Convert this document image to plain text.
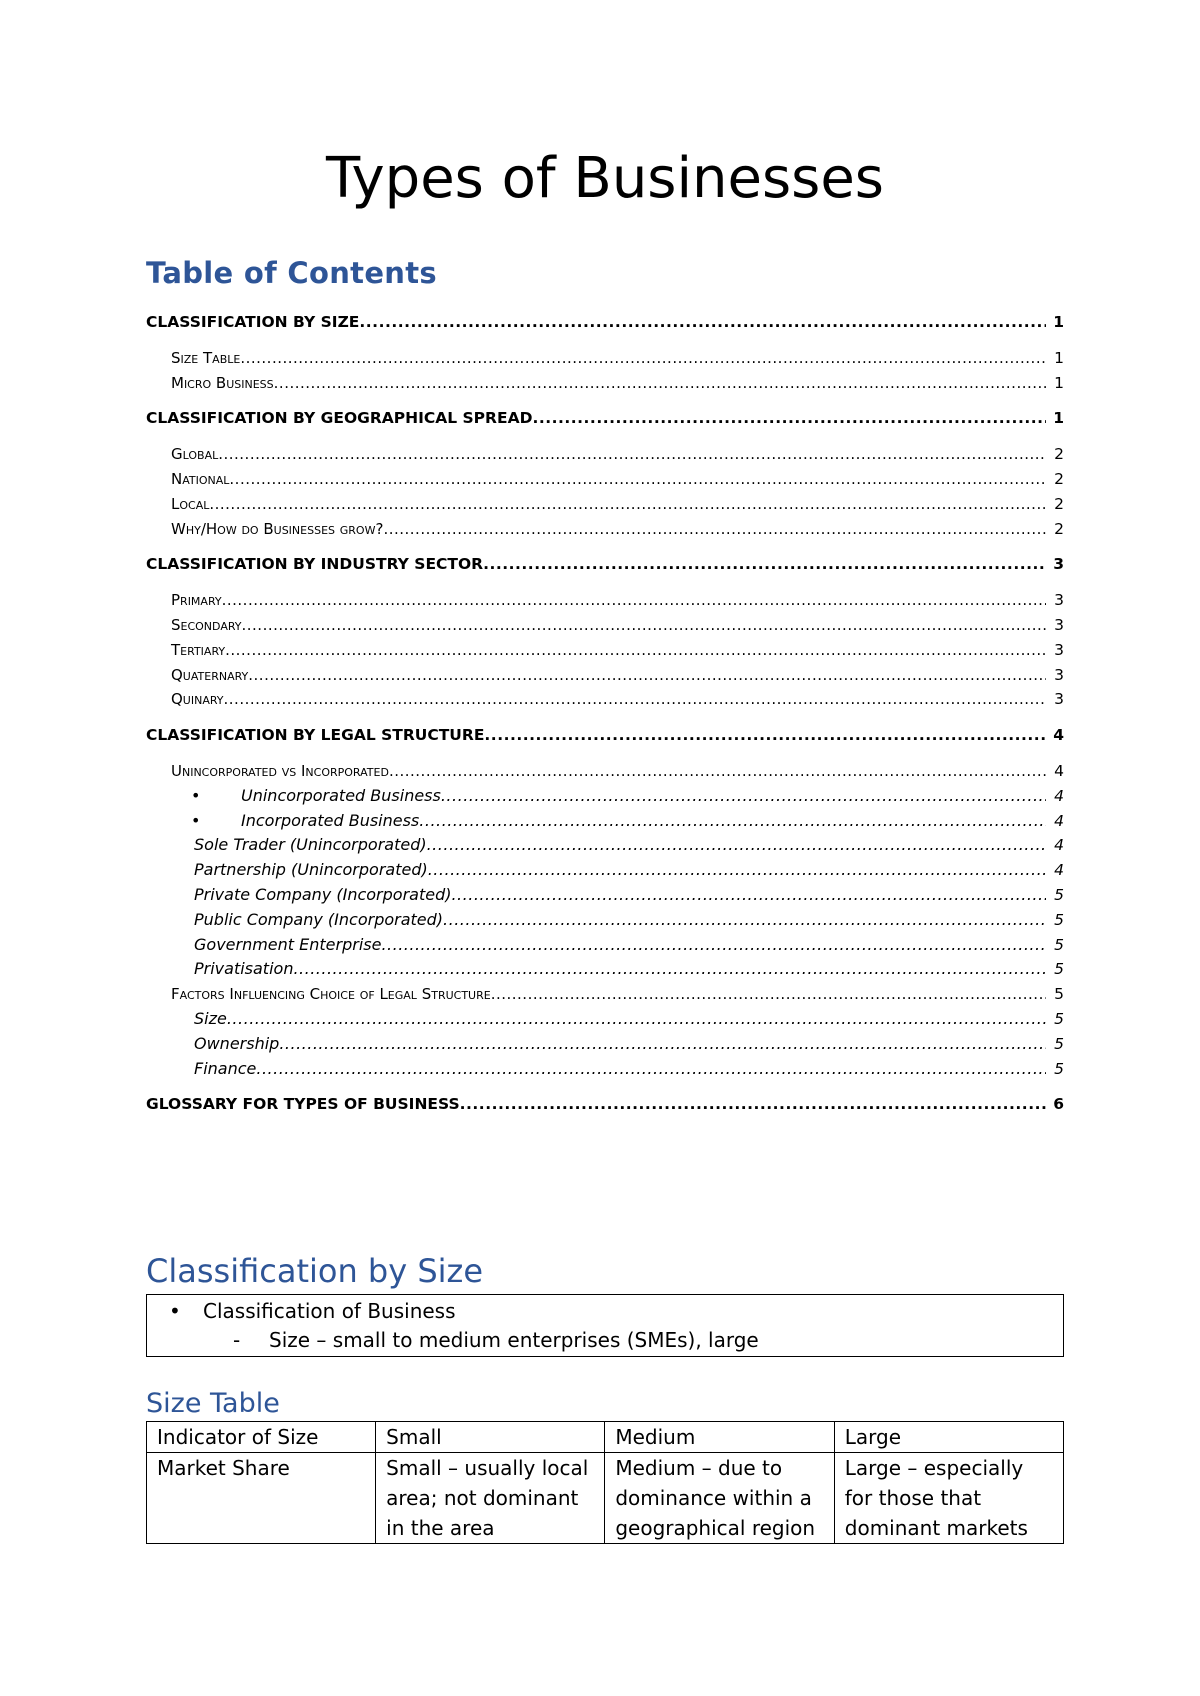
Types of Businesses
Table of Contents
CLASSIFICATION BY SIZE .....	1
Size Table .....	1
Micro Business .....	1
CLASSIFICATION BY GEOGRAPHICAL SPREAD .....	1
Global .....	2
National .....	2
Local .....	2
Why/How do Businesses grow? .....	2
CLASSIFICATION BY INDUSTRY SECTOR .....	3
Primary .....	3
Secondary .....	3
Tertiary .....	3
Quaternary .....	3
Quinary .....	3
CLASSIFICATION BY LEGAL STRUCTURE .....	4
Unincorporated vs Incorporated .....	4
•	Unincorporated Business .....	4
•	Incorporated Business .....	4
Sole Trader (Unincorporated) .....	4
Partnership (Unincorporated) .....	4
Private Company (Incorporated) .....	5
Public Company (Incorporated) .....	5
Government Enterprise .....	5
Privatisation .....	5
Factors Influencing Choice of Legal Structure .....	5
Size .....	5
Ownership .....	5
Finance .....	5
GLOSSARY FOR TYPES OF BUSINESS .....	6
Classification by Size
• Classification of Business
- Size – small to medium enterprises (SMEs), large
Size Table
Indicator of Size	Small	Medium	Large
Market Share	Small – usually local area; not dominant in the area	Medium – due to dominance within a geographical region	Large – especially for those that dominant markets
